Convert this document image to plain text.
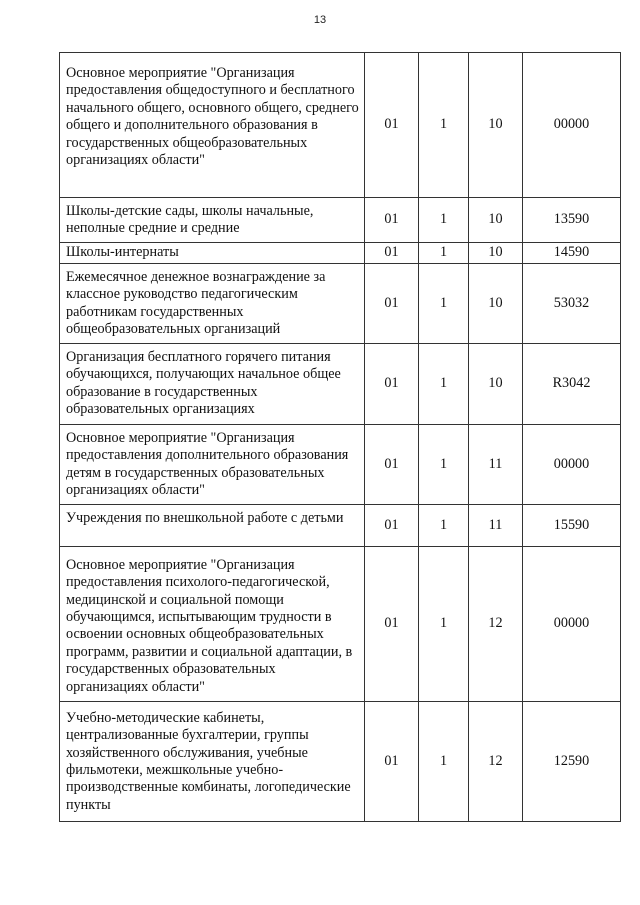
13
Основное мероприятие "Организация предоставления общедоступного и бесплатного начального общего, основного общего, среднего общего и дополнительного образования в государственных общеобразовательных организациях области"	01	1	10	00000
Школы-детские сады, школы начальные, неполные средние и средние	01	1	10	13590
Школы-интернаты	01	1	10	14590
Ежемесячное денежное вознаграждение за классное руководство педагогическим работникам государственных общеобразовательных организаций	01	1	10	53032
Организация бесплатного горячего питания обучающихся, получающих начальное общее образование в государственных образовательных организациях	01	1	10	R3042
Основное мероприятие "Организация предоставления дополнительного образования детям в государственных образовательных организациях области"	01	1	11	00000
Учреждения по внешкольной работе с детьми	01	1	11	15590
Основное мероприятие "Организация предоставления психолого-педагогической, медицинской и социальной помощи обучающимся, испытывающим трудности в освоении основных общеобразовательных программ, развитии и социальной адаптации, в государственных образовательных организациях области"	01	1	12	00000
Учебно-методические кабинеты, централизованные бухгалтерии, группы хозяйственного обслуживания, учебные фильмотеки, межшкольные учебно-производственные комбинаты, логопедические пункты	01	1	12	12590
